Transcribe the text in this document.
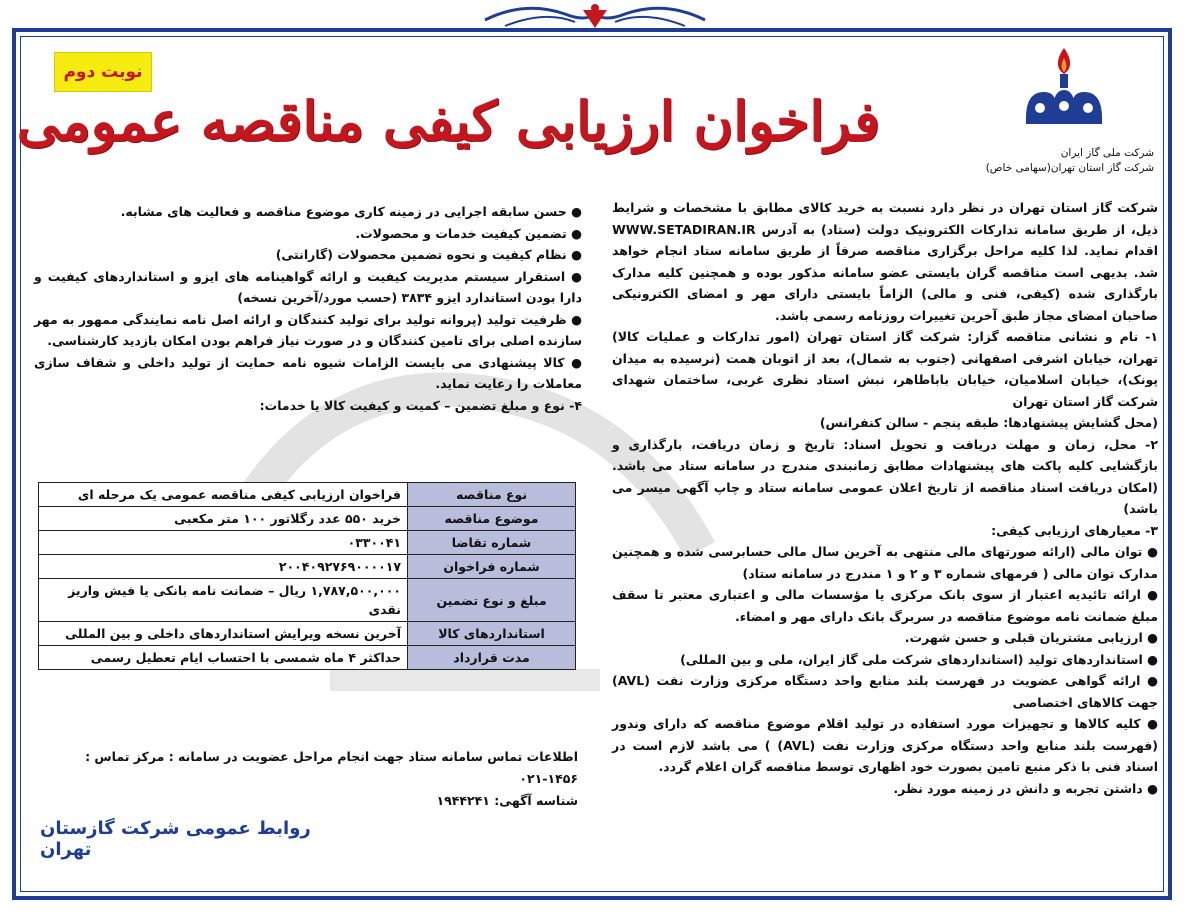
نوبت دوم
فراخوان ارزیابی کیفی مناقصه عمومی	شرکت ملی گاز ایران
شرکت گاز استان تهران(سهامی خاص)

شرکت گاز استان تهران در نظر دارد نسبت به خرید کالای مطابق با مشخصات و شرایط ذیل، از طریق سامانه تدارکات الکترونیک دولت (ستاد) به آدرس WWW.SETADIRAN.IR اقدام نماید. لذا کلیه مراحل برگزاری مناقصه صرفاً از طریق سامانه ستاد انجام خواهد شد. بدیهی است مناقصه گران بایستی عضو سامانه مذکور بوده و همچنین کلیه مدارک بارگذاری شده (کیفی، فنی و مالی) الزاماً بایستی دارای مهر و امضای الکترونیکی صاحبان امضای مجاز طبق آخرین تغییرات روزنامه رسمی باشد.

۱- نام و نشانی مناقصه گزار: شرکت گاز استان تهران (امور تدارکات و عملیات کالا) تهران، خیابان اشرفی اصفهانی (جنوب به شمال)، بعد از اتوبان همت (نرسیده به میدان پونک)، خیابان اسلامیان، خیابان باباطاهر، نبش استاد نظری غربی، ساختمان شهدای شرکت گاز استان تهران

(محل گشایش پیشنهادها: طبقه پنجم - سالن کنفرانس)

۲- محل، زمان و مهلت دریافت و تحویل اسناد: تاریخ و زمان دریافت، بارگذاری و بازگشایی کلیه پاکت های پیشنهادات مطابق زمانبندی مندرج در سامانه ستاد می باشد. (امکان دریافت اسناد مناقصه از تاریخ اعلان عمومی سامانه ستاد و چاپ آگهی میسر می باشد)

۳- معیارهای ارزیابی کیفی:

● توان مالی (ارائه صورتهای مالی منتهی به آخرین سال مالی حسابرسی شده و همچنین مدارک توان مالی ( فرمهای شماره ۳ و ۲ و ۱ مندرج در سامانه ستاد)

● ارائه تائیدیه اعتبار از سوی بانک مرکزی یا مؤسسات مالی و اعتباری معتبر تا سقف مبلغ ضمانت نامه موضوع مناقصه در سربرگ بانک دارای مهر و امضاء.

● ارزیابی مشتریان قبلی و حسن شهرت.

● استانداردهای تولید (استانداردهای شرکت ملی گاز ایران، ملی و بین المللی)

● ارائه گواهی عضویت در فهرست بلند منابع واحد دستگاه مرکزی وزارت نفت (AVL) جهت کالاهای اختصاصی

● کلیه کالاها و تجهیزات مورد استفاده در تولید اقلام موضوع مناقصه که دارای وندور (فهرست بلند منابع واحد دستگاه مرکزی وزارت نفت (AVL) ) می باشد لازم است در اسناد فنی با ذکر منبع تامین بصورت خود اظهاری توسط مناقصه گران اعلام گردد.

● داشتن تجربه و دانش در زمینه مورد نظر.

● حسن سابقه اجرایی در زمینه کاری موضوع مناقصه و فعالیت های مشابه.

● تضمین کیفیت خدمات و محصولات.

● نظام کیفیت و نحوه تضمین محصولات (گارانتی)

● استقرار سیستم مدیریت کیفیت و ارائه گواهینامه های ایزو و استانداردهای کیفیت و دارا بودن استاندارد ایزو ۳۸۳۴ (حسب مورد/آخرین نسخه)

● ظرفیت تولید (پروانه تولید برای تولید کنندگان و ارائه اصل نامه نمایندگی ممهور به مهر سازنده اصلی برای تامین کنندگان و در صورت نیاز فراهم بودن امکان بازدید کارشناسی.

● کالا پیشنهادی می بایست الزامات شیوه نامه حمایت از تولید داخلی و شفاف سازی معاملات را رعایت نماید.

۴- نوع و مبلغ تضمین – کمیت و کیفیت کالا یا خدمات:

نوع مناقصه	فراخوان ارزیابی کیفی مناقصه عمومی یک مرحله ای
موضوع مناقصه	خرید ۵۵۰ عدد رگلاتور ۱۰۰ متر مکعبی
شماره تقاضا	۰۳۳۰۰۴۱
شماره فراخوان	۲۰۰۴۰۹۲۷۶۹۰۰۰۰۱۷
مبلغ و نوع تضمین	۱,۷۸۷,۵۰۰,۰۰۰ ریال – ضمانت نامه بانکی یا فیش واریز نقدی
استانداردهای کالا	آخرین نسخه ویرایش استانداردهای داخلی و بین المللی
مدت قرارداد	حداکثر ۴ ماه شمسی با احتساب ایام تعطیل رسمی
اطلاعات تماس سامانه ستاد جهت انجام مراحل عضویت در سامانه : مرکز تماس : ۱۴۵۶-۰۲۱
شناسه آگهی: ۱۹۴۴۲۴۱
روابط عمومی شرکت گازستان تهران
